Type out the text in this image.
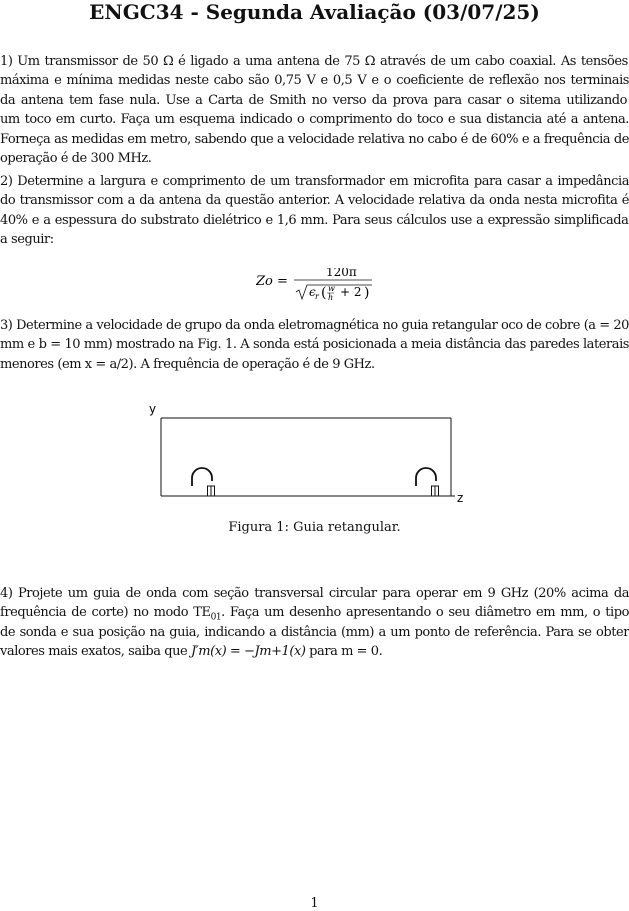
ENGC34 - Segunda Avaliação (03/07/25)
1) Um transmissor de 50 Ω é ligado a uma antena de 75 Ω através de um cabo coaxial. As tensões
máxima e mínima medidas neste cabo são 0,75 V e 0,5 V e o coeficiente de reflexão nos terminais
da antena tem fase nula. Use a Carta de Smith no verso da prova para casar o sitema utilizando
um toco em curto. Faça um esquema indicado o comprimento do toco e sua distancia até a antena.
Forneça as medidas em metro, sabendo que a velocidade relativa no cabo é de 60% e a frequência de
operação é de 300 MHz.
2) Determine a largura e comprimento de um transformador em microfita para casar a impedância
do transmissor com a da antena da questão anterior. A velocidade relativa da onda nesta microfita é
40% e a espessura do substrato dielétrico e 1,6 mm. Para seus cálculos use a expressão simplificada
a seguir:
Zo =
120π
ϵ r ( w
h + 2 )
3) Determine a velocidade de grupo da onda eletromagnética no guia retangular oco de cobre (a = 20
mm e b = 10 mm) mostrado na Fig. 1. A sonda está posicionada a meia distância das paredes laterais
menores (em x = a/2). A frequência de operação é de 9 GHz.
y
z
Figura 1: Guia retangular.
4) Projete um guia de onda com seção transversal circular para operar em 9 GHz (20% acima da
frequência de corte) no modo $TE_{01}$. Faça um desenho apresentando o seu diâmetro em mm, o tipo
de sonda e sua posição na guia, indicando a distância (mm) a um ponto de referência. Para se obter
valores mais exatos, saiba que J′m(x) = −Jm+1(x) para m = 0.
1
